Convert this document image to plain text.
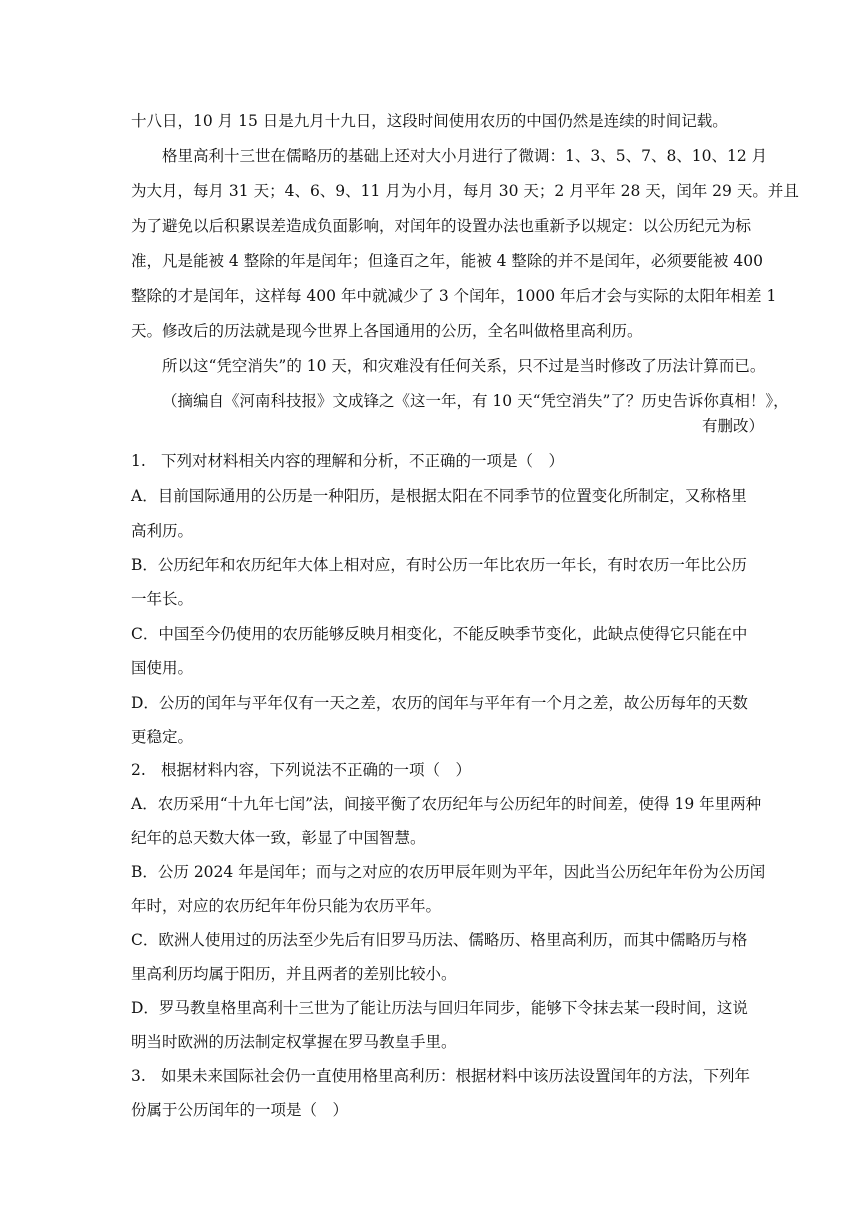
十八日，10 月 15 日是九月十九日，这段时间使用农历的中国仍然是连续的时间记载。
格里高利十三世在儒略历的基础上还对大小月进行了微调：1、3、5、7、8、10、12 月
为大月，每月 31 天；4、6、9、11 月为小月，每月 30 天；2 月平年 28 天，闰年 29 天。并且
为了避免以后积累误差造成负面影响，对闰年的设置办法也重新予以规定：以公历纪元为标
准，凡是能被 4 整除的年是闰年；但逢百之年，能被 4 整除的并不是闰年，必须要能被 400
整除的才是闰年，这样每 400 年中就减少了 3 个闰年，1000 年后才会与实际的太阳年相差 1
天。修改后的历法就是现今世界上各国通用的公历，全名叫做格里高利历。
所以这“凭空消失”的 10 天，和灾难没有任何关系，只不过是当时修改了历法计算而已。
（摘编自《河南科技报》文成锋之《这一年，有 10 天“凭空消失”了？历史告诉你真相！》，
有删改）
1. 下列对材料相关内容的理解和分析，不正确的一项是（　）
A．目前国际通用的公历是一种阳历，是根据太阳在不同季节的位置变化所制定，又称格里
高利历。
B．公历纪年和农历纪年大体上相对应，有时公历一年比农历一年长，有时农历一年比公历
一年长。
C．中国至今仍使用的农历能够反映月相变化，不能反映季节变化，此缺点使得它只能在中
国使用。
D．公历的闰年与平年仅有一天之差，农历的闰年与平年有一个月之差，故公历每年的天数
更稳定。
2. 根据材料内容，下列说法不正确的一项（　）
A．农历采用“十九年七闰”法，间接平衡了农历纪年与公历纪年的时间差，使得 19 年里两种
纪年的总天数大体一致，彰显了中国智慧。
B．公历 2024 年是闰年；而与之对应的农历甲辰年则为平年，因此当公历纪年年份为公历闰
年时，对应的农历纪年年份只能为农历平年。
C．欧洲人使用过的历法至少先后有旧罗马历法、儒略历、格里高利历，而其中儒略历与格
里高利历均属于阳历，并且两者的差别比较小。
D．罗马教皇格里高利十三世为了能让历法与回归年同步，能够下令抹去某一段时间，这说
明当时欧洲的历法制定权掌握在罗马教皇手里。
3. 如果未来国际社会仍一直使用格里高利历：根据材料中该历法设置闰年的方法，下列年
份属于公历闰年的一项是（　）
